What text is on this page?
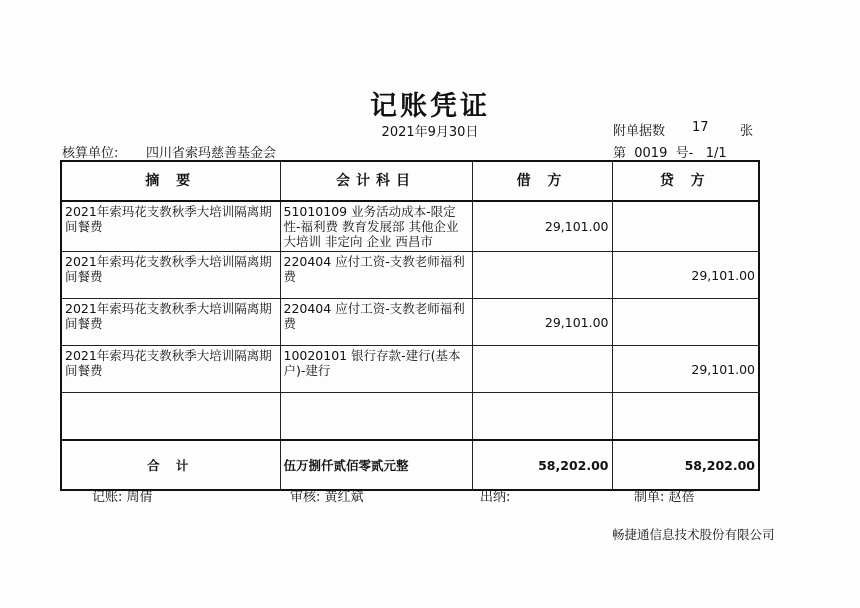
记账凭证
2021年9月30日	附单据数 17 张
核算单位: 四川省索玛慈善基金会	第  0019  号-   1/1
摘 要	会计科目	借 方	贷 方
2021年索玛花支教秋季大培训隔离期间餐费	51010109 业务活动成本-限定性-福利费 教育发展部 其他企业大培训 非定向 企业 西昌市	29,101.00	
2021年索玛花支教秋季大培训隔离期间餐费	220404 应付工资-支教老师福利费		29,101.00
2021年索玛花支教秋季大培训隔离期间餐费	220404 应付工资-支教老师福利费	29,101.00	
2021年索玛花支教秋季大培训隔离期间餐费	10020101 银行存款-建行(基本户)-建行		29,101.00

合 计	伍万捌仟贰佰零贰元整	58,202.00	58,202.00
记账: 周倩	审核: 黄红斌	出纳:	制单: 赵蓓
畅捷通信息技术股份有限公司
